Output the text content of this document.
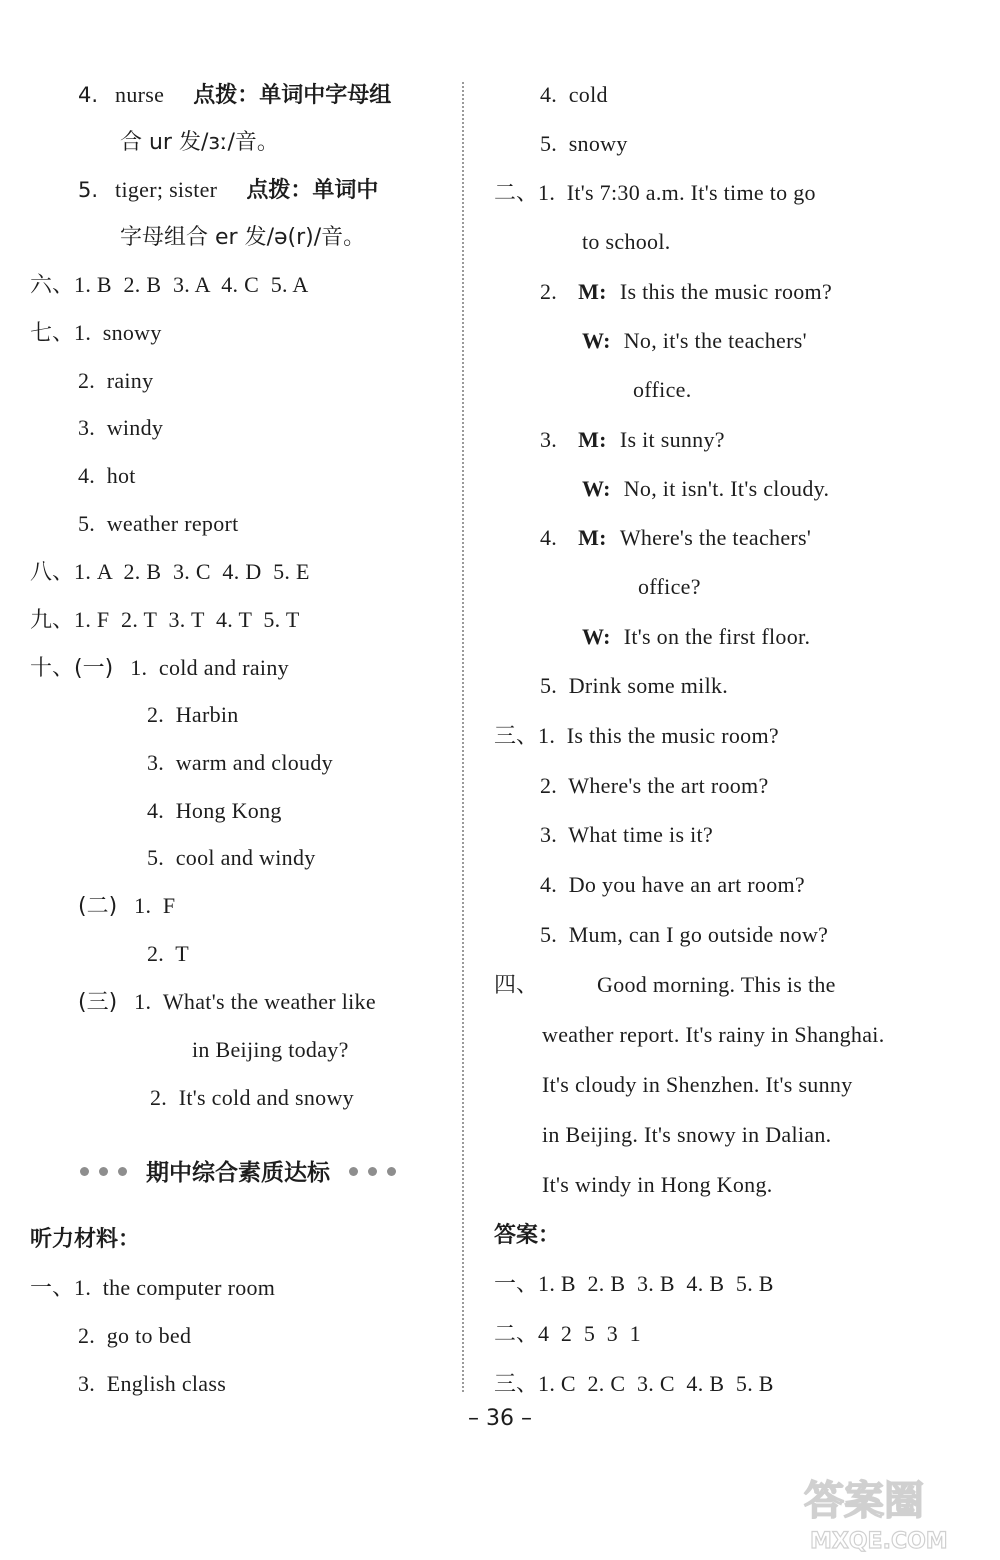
4. nurse 点拨：单词中字母组
合 ur 发/ɜː/音。
5. tiger; sister 点拨：单词中
字母组合 er 发/ə(r)/音。
六、1. B  2. B  3. A  4. C  5. A
七、1.  snowy
2.  rainy
3.  windy
4.  hot
5.  weather report
八、1. A  2. B  3. C  4. D  5. E
九、1. F  2. T  3. T  4. T  5. T
十、(一) 1.  cold and rainy
2.  Harbin
3.  warm and cloudy
4.  Hong Kong
5.  cool and windy
(二) 1.  F
2.  T
(三) 1.  What's the weather like
in Beijing today?
2.  It's cold and snowy
期中综合素质达标
听力材料：
一、1.  the computer room
2.  go to bed
3.  English class
4.  cold
5.  snowy
二、1.  It's 7:30 a.m. It's time to go
to school.
2. M: Is this the music room?
W: No, it's the teachers'
office.
3. M: Is it sunny?
W: No, it isn't. It's cloudy.
4. M: Where's the teachers'
office?
W: It's on the first floor.
5.  Drink some milk.
三、1.  Is this the music room?
2.  Where's the art room?
3.  What time is it?
4.  Do you have an art room?
5.  Mum, can I go outside now?
四、	Good morning. This is the
weather report. It's rainy in Shanghai.
It's cloudy in Shenzhen. It's sunny
in Beijing. It's snowy in Dalian.
It's windy in Hong Kong.
答案：
一、1. B  2. B  3. B  4. B  5. B
二、4  2  5  3  1
三、1. C  2. C  3. C  4. B  5. B
– 36 –
答案圈
MXQE.COM
